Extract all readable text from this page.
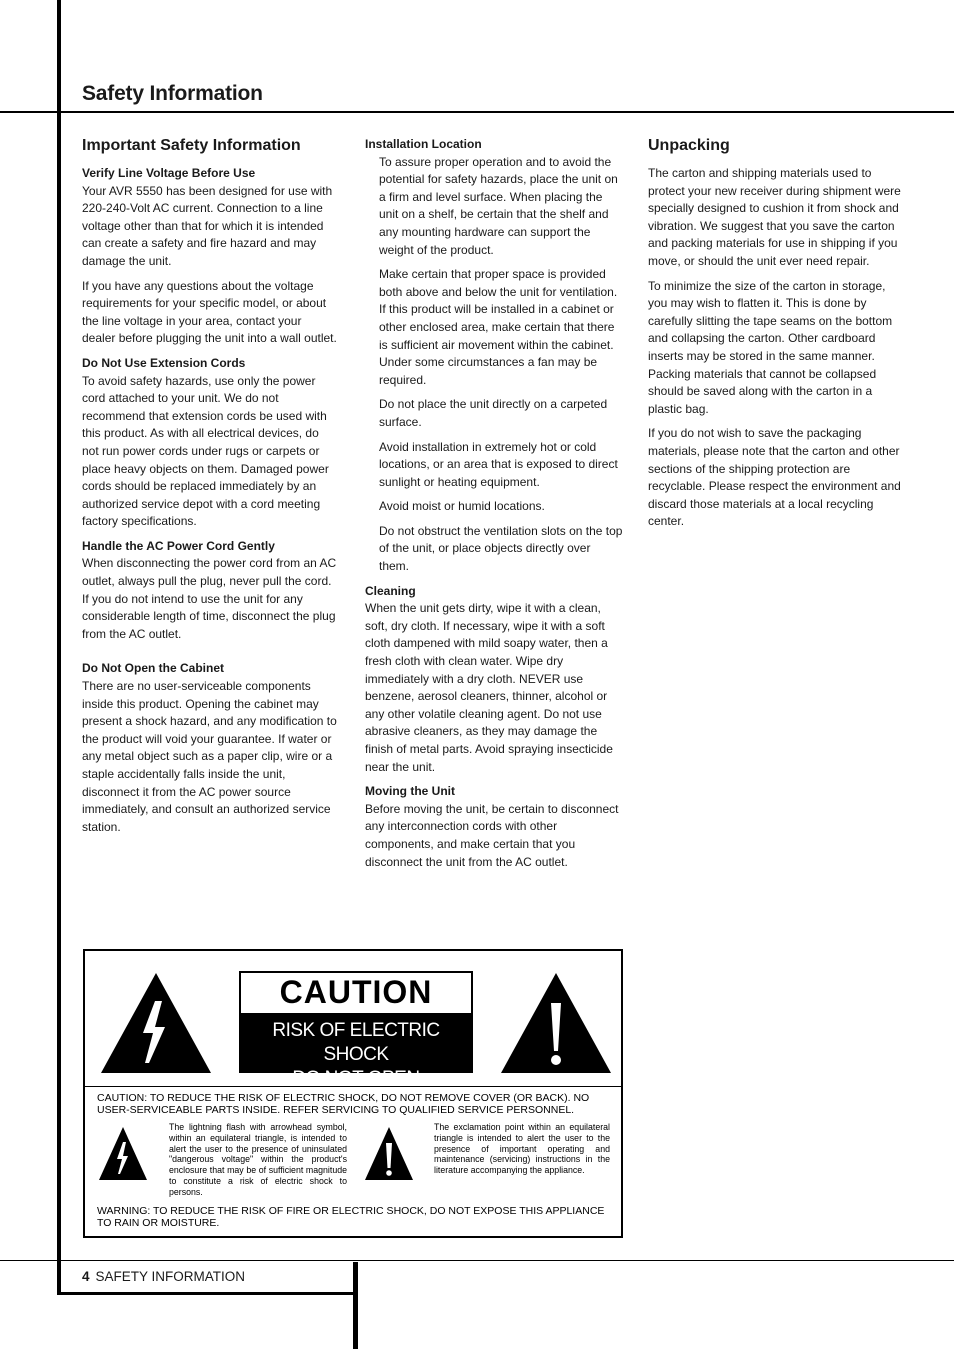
Safety Information
Important Safety Information
Verify Line Voltage Before Use

Your AVR 5550 has been designed for use with 220-240-Volt AC current. Connection to a line voltage other than that for which it is intended can create a safety and fire hazard and may damage the unit.

If you have any questions about the voltage requirements for your specific model, or about the line voltage in your area, contact your dealer before plugging the unit into a wall outlet.

Do Not Use Extension Cords

To avoid safety hazards, use only the power cord attached to your unit. We do not recommend that extension cords be used with this product. As with all electrical devices, do not run power cords under rugs or carpets or place heavy objects on them. Damaged power cords should be replaced immediately by an authorized service depot with a cord meeting factory specifications.

Handle the AC Power Cord Gently

When disconnecting the power cord from an AC outlet, always pull the plug, never pull the cord. If you do not intend to use the unit for any considerable length of time, disconnect the plug from the AC outlet.

Do Not Open the Cabinet

There are no user-serviceable components inside this product. Opening the cabinet may present a shock hazard, and any modification to the product will void your guarantee. If water or any metal object such as a paper clip, wire or a staple accidentally falls inside the unit, disconnect it from the AC power source immediately, and consult an authorized service station.

Installation Location

To assure proper operation and to avoid the potential for safety hazards, place the unit on a firm and level surface. When placing the unit on a shelf, be certain that the shelf and any mounting hardware can support the weight of the product.

Make certain that proper space is provided both above and below the unit for ventilation. If this product will be installed in a cabinet or other enclosed area, make certain that there is sufficient air movement within the cabinet. Under some circumstances a fan may be required.

Do not place the unit directly on a carpeted surface.

Avoid installation in extremely hot or cold locations, or an area that is exposed to direct sunlight or heating equipment.

Avoid moist or humid locations.

Do not obstruct the ventilation slots on the top of the unit, or place objects directly over them.

Cleaning

When the unit gets dirty, wipe it with a clean, soft, dry cloth. If necessary, wipe it with a soft cloth dampened with mild soapy water, then a fresh cloth with clean water. Wipe dry immediately with a dry cloth. NEVER use benzene, aerosol cleaners, thinner, alcohol or any other volatile cleaning agent. Do not use abrasive cleaners, as they may damage the finish of metal parts. Avoid spraying insecticide near the unit.

Moving the Unit

Before moving the unit, be certain to disconnect any interconnection cords with other components, and make certain that you disconnect the unit from the AC outlet.

Unpacking

The carton and shipping materials used to protect your new receiver during shipment were specially designed to cushion it from shock and vibration. We suggest that you save the carton and packing materials for use in shipping if you move, or should the unit ever need repair.

To minimize the size of the carton in storage, you may wish to flatten it. This is done by carefully slitting the tape seams on the bottom and collapsing the carton. Other cardboard inserts may be stored in the same manner. Packing materials that cannot be collapsed should be saved along with the carton in a plastic bag.

If you do not wish to save the packaging materials, please note that the carton and other sections of the shipping protection are recyclable. Please respect the environment and discard those materials at a local recycling center.

CAUTION
RISK OF ELECTRIC SHOCK
DO NOT OPEN
CAUTION: TO REDUCE THE RISK OF ELECTRIC SHOCK, DO NOT REMOVE COVER (OR BACK). NO USER-SERVICEABLE PARTS INSIDE. REFER SERVICING TO QUALIFIED SERVICE PERSONNEL.
The lightning flash with arrowhead symbol, within an equilateral triangle, is intended to alert the user to the presence of uninsulated "dangerous voltage" within the product's enclosure that may be of sufficient magnitude to constitute a risk of electric shock to persons.
The exclamation point within an equilateral triangle is intended to alert the user to the presence of important operating and maintenance (servicing) instructions in the literature accompanying the appliance.
WARNING: TO REDUCE THE RISK OF FIRE OR ELECTRIC SHOCK, DO NOT EXPOSE THIS APPLIANCE TO RAIN OR MOISTURE.
4 SAFETY INFORMATION
